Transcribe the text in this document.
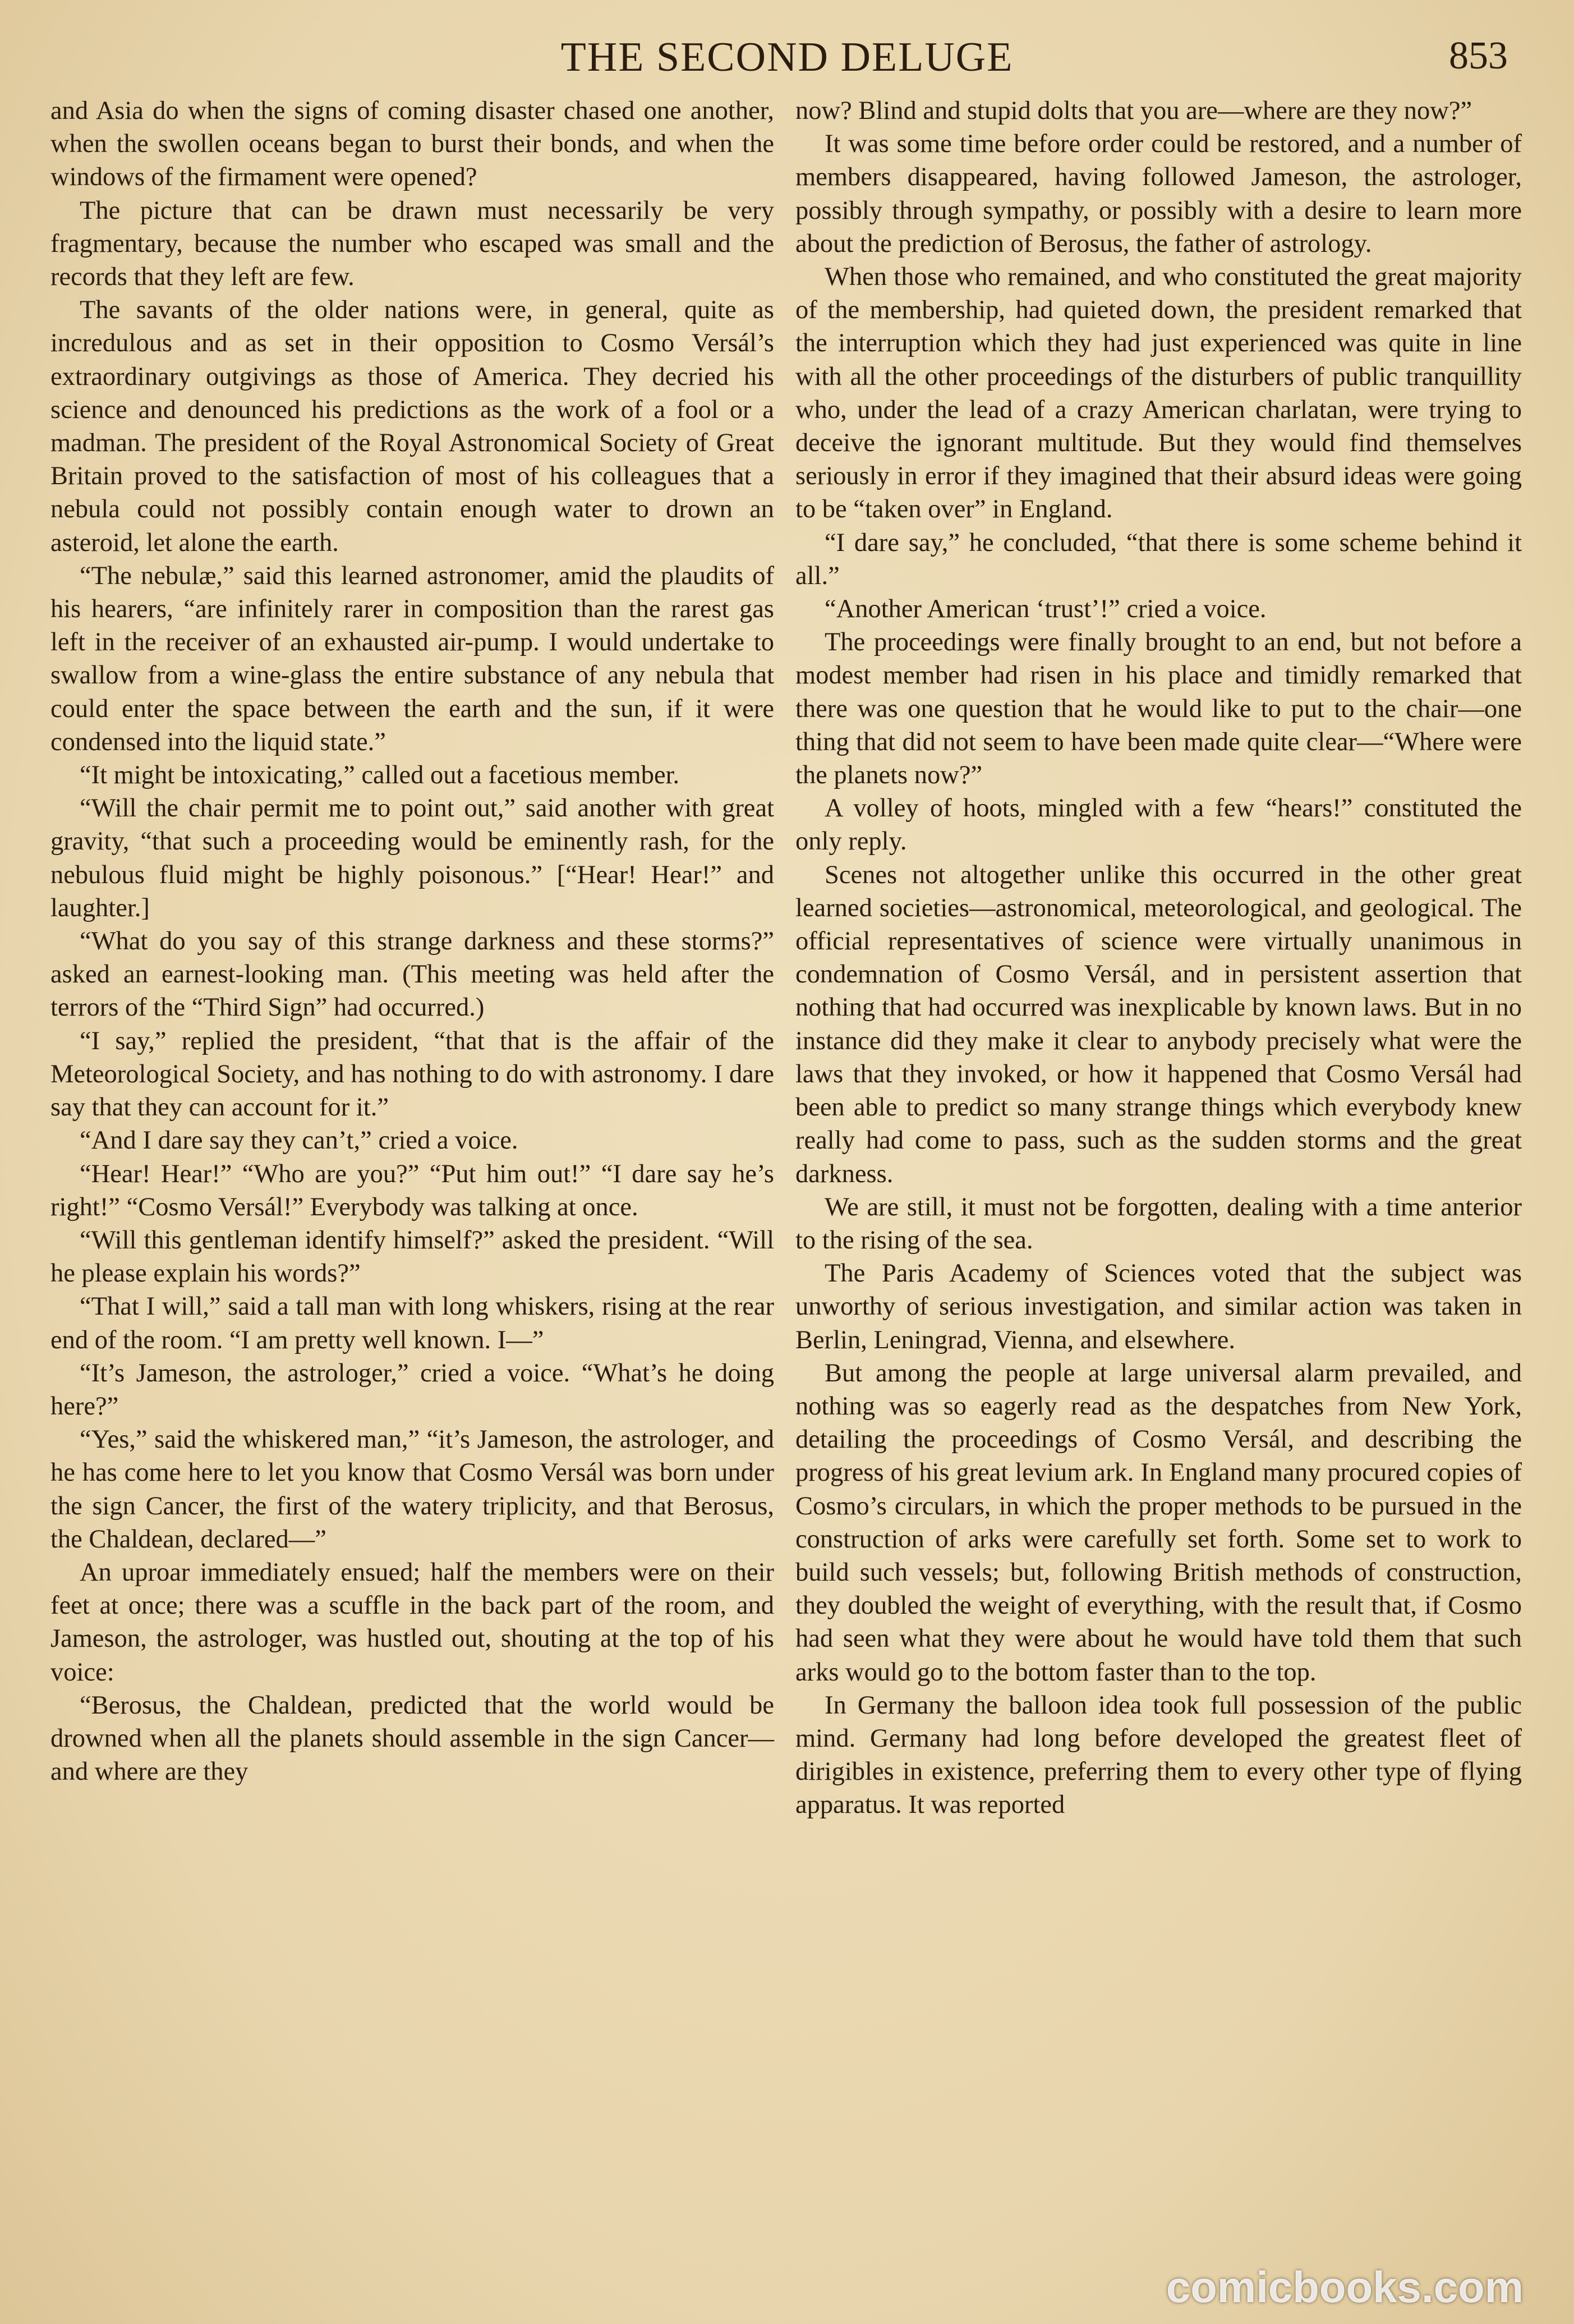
THE SECOND DELUGE	853

and Asia do when the signs of coming disaster chased one another, when the swollen oceans began to burst their bonds, and when the windows of the firmament were opened?

The picture that can be drawn must necessarily be very fragmentary, because the number who escaped was small and the records that they left are few.

The savants of the older nations were, in general, quite as incredulous and as set in their opposition to Cosmo Versál’s extraordinary outgivings as those of America. They decried his science and denounced his predictions as the work of a fool or a madman. The president of the Royal Astronomical Society of Great Britain proved to the satisfaction of most of his colleagues that a nebula could not possibly contain enough water to drown an asteroid, let alone the earth.

“The nebulæ,” said this learned astronomer, amid the plaudits of his hearers, “are infinitely rarer in composition than the rarest gas left in the receiver of an exhausted air-pump. I would undertake to swallow from a wine-glass the entire substance of any nebula that could enter the space between the earth and the sun, if it were condensed into the liquid state.”

“It might be intoxicating,” called out a facetious member.

“Will the chair permit me to point out,” said another with great gravity, “that such a proceeding would be eminently rash, for the nebulous fluid might be highly poisonous.” [“Hear! Hear!” and laughter.]

“What do you say of this strange darkness and these storms?” asked an earnest-looking man. (This meeting was held after the terrors of the “Third Sign” had occurred.)

“I say,” replied the president, “that that is the affair of the Meteorological Society, and has nothing to do with astronomy. I dare say that they can account for it.”

“And I dare say they can’t,” cried a voice.

“Hear! Hear!” “Who are you?” “Put him out!” “I dare say he’s right!” “Cosmo Versál!” Everybody was talking at once.

“Will this gentleman identify himself?” asked the president. “Will he please explain his words?”

“That I will,” said a tall man with long whiskers, rising at the rear end of the room. “I am pretty well known. I—”

“It’s Jameson, the astrologer,” cried a voice. “What’s he doing here?”

“Yes,” said the whiskered man,” “it’s Jameson, the astrologer, and he has come here to let you know that Cosmo Versál was born under the sign Cancer, the first of the watery triplicity, and that Berosus, the Chaldean, declared—”

An uproar immediately ensued; half the members were on their feet at once; there was a scuffle in the back part of the room, and Jameson, the astrologer, was hustled out, shouting at the top of his voice:

“Berosus, the Chaldean, predicted that the world would be drowned when all the planets should assemble in the sign Cancer—and where are they

now? Blind and stupid dolts that you are—where are they now?”

It was some time before order could be restored, and a number of members disappeared, having followed Jameson, the astrologer, possibly through sympathy, or possibly with a desire to learn more about the prediction of Berosus, the father of astrology.

When those who remained, and who constituted the great majority of the membership, had quieted down, the president remarked that the interruption which they had just experienced was quite in line with all the other proceedings of the disturbers of public tranquillity who, under the lead of a crazy American charlatan, were trying to deceive the ignorant multitude. But they would find themselves seriously in error if they imagined that their absurd ideas were going to be “taken over” in England.

“I dare say,” he concluded, “that there is some scheme behind it all.”

“Another American ‘trust’!” cried a voice.

The proceedings were finally brought to an end, but not before a modest member had risen in his place and timidly remarked that there was one question that he would like to put to the chair—one thing that did not seem to have been made quite clear—“Where were the planets now?”

A volley of hoots, mingled with a few “hears!” constituted the only reply.

Scenes not altogether unlike this occurred in the other great learned societies—astronomical, meteorological, and geological. The official representatives of science were virtually unanimous in condemnation of Cosmo Versál, and in persistent assertion that nothing that had occurred was inexplicable by known laws. But in no instance did they make it clear to anybody precisely what were the laws that they invoked, or how it happened that Cosmo Versál had been able to predict so many strange things which everybody knew really had come to pass, such as the sudden storms and the great darkness.

We are still, it must not be forgotten, dealing with a time anterior to the rising of the sea.

The Paris Academy of Sciences voted that the subject was unworthy of serious investigation, and similar action was taken in Berlin, Leningrad, Vienna, and elsewhere.

But among the people at large universal alarm prevailed, and nothing was so eagerly read as the despatches from New York, detailing the proceedings of Cosmo Versál, and describing the progress of his great levium ark. In England many procured copies of Cosmo’s circulars, in which the proper methods to be pursued in the construction of arks were carefully set forth. Some set to work to build such vessels; but, following British methods of construction, they doubled the weight of everything, with the result that, if Cosmo had seen what they were about he would have told them that such arks would go to the bottom faster than to the top.

In Germany the balloon idea took full possession of the public mind. Germany had long before developed the greatest fleet of dirigibles in existence, preferring them to every other type of flying apparatus. It was reported

comicbooks.com
